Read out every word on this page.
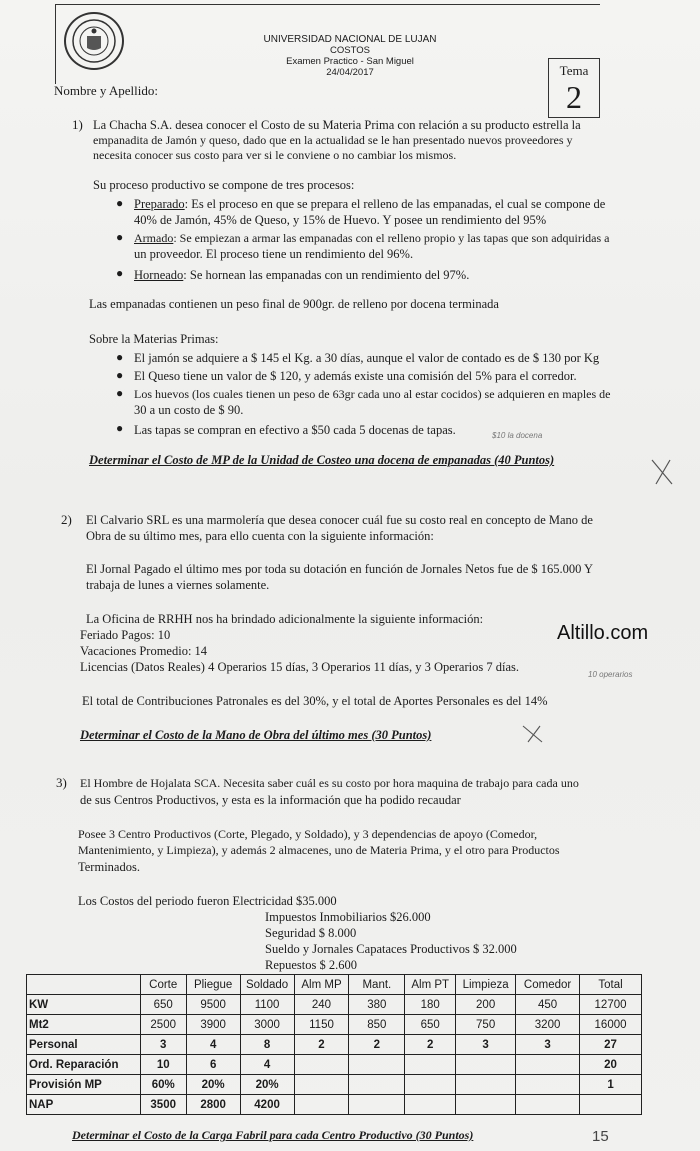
UNIVERSIDAD NACIONAL DE LUJAN
COSTOS
Examen Practico - San Miguel
24/04/2017	Tema
2
Nombre y Apellido:
1) La Chacha S.A. desea conocer el Costo de su Materia Prima con relación a su producto estrella la
empanadita de Jamón y queso, dado que en la actualidad se le han presentado nuevos proveedores y
necesita conocer sus costo para ver si le conviene o no cambiar los mismos.
Su proceso productivo se compone de tres procesos:
● Preparado: Es el proceso en que se prepara el relleno de las empanadas, el cual se compone de
40% de Jamón, 45% de Queso, y 15% de Huevo. Y posee un rendimiento del 95%
● Armado: Se empiezan a armar las empanadas con el relleno propio y las tapas que son adquiridas a
un proveedor. El proceso tiene un rendimiento del 96%.
● Horneado: Se hornean las empanadas con un rendimiento del 97%.
Las empanadas contienen un peso final de 900gr. de relleno por docena terminada
Sobre la Materias Primas:
● El jamón se adquiere a $ 145 el Kg. a 30 días, aunque el valor de contado es de $ 130 por Kg
● El Queso tiene un valor de $ 120, y además existe una comisión del 5% para el corredor.
● Los huevos (los cuales tienen un peso de 63gr cada uno al estar cocidos) se adquieren en maples de
30 a un costo de $ 90.
● Las tapas se compran en efectivo a $50 cada 5 docenas de tapas.	$10 la docena
Determinar el Costo de MP de la Unidad de Costeo una docena de empanadas (40 Puntos)
2) El Calvario SRL es una marmolería que desea conocer cuál fue su costo real en concepto de Mano de
Obra de su último mes, para ello cuenta con la siguiente información:
El Jornal Pagado el último mes por toda su dotación en función de Jornales Netos fue de $ 165.000 Y
trabaja de lunes a viernes solamente.
La Oficina de RRHH nos ha brindado adicionalmente la siguiente información:
Feriado Pagos: 10
Vacaciones Promedio: 14
Licencias (Datos Reales) 4 Operarios 15 días, 3 Operarios 11 días, y 3 Operarios 7 días.
10 operarios
El total de Contribuciones Patronales es del 30%, y el total de Aportes Personales es del 14%
Determinar el Costo de la Mano de Obra del último mes (30 Puntos)
Altillo.com
3) El Hombre de Hojalata SCA. Necesita saber cuál es su costo por hora maquina de trabajo para cada uno
de sus Centros Productivos, y esta es la información que ha podido recaudar
Posee 3 Centro Productivos (Corte, Plegado, y Soldado), y 3 dependencias de apoyo (Comedor,
Mantenimiento, y Limpieza), y además 2 almacenes, uno de Materia Prima, y el otro para Productos
Terminados.
Los Costos del periodo fueron Electricidad $35.000
Impuestos Inmobiliarios $26.000
Seguridad $ 8.000
Sueldo y Jornales Capataces Productivos $ 32.000
Repuestos $ 2.600
	Corte	Pliegue	Soldado	Alm MP	Mant.	Alm PT	Limpieza	Comedor	Total
KW	650	9500	1100	240	380	180	200	450	12700
Mt2	2500	3900	3000	1150	850	650	750	3200	16000
Personal	3	4	8	2	2	2	3	3	27
Ord. Reparación	10	6	4						20
Provisión MP	60%	20%	20%						1
NAP	3500	2800	4200						
Determinar el Costo de la Carga Fabril para cada Centro Productivo (30 Puntos)	15
